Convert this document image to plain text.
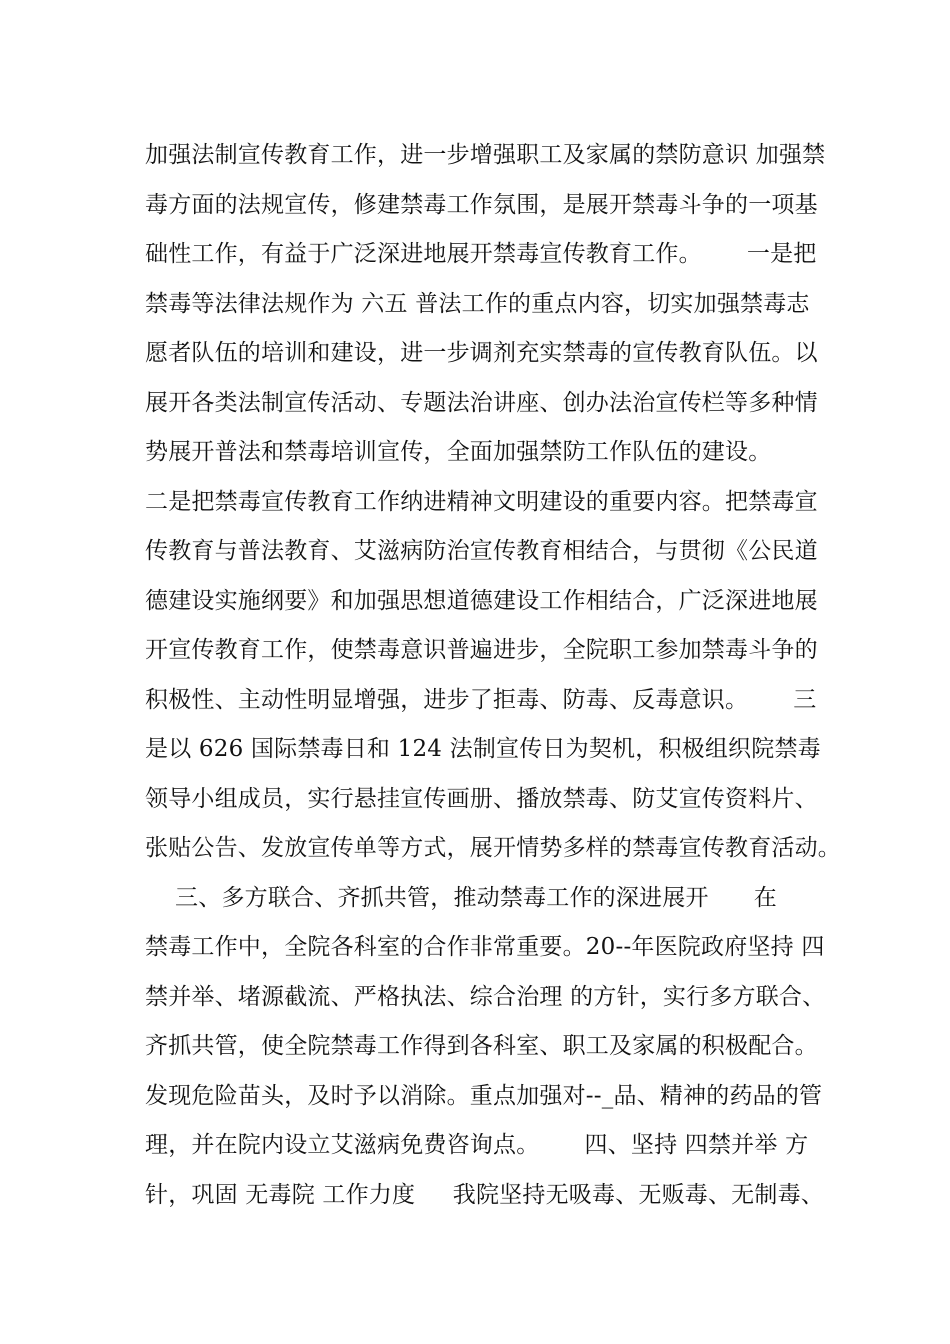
加强法制宣传教育工作，进一步增强职工及家属的禁防意识 加强禁
毒方面的法规宣传，修建禁毒工作氛围，是展开禁毒斗争的一项基
础性工作，有益于广泛深进地展开禁毒宣传教育工作。      一是把
禁毒等法律法规作为 六五 普法工作的重点内容，切实加强禁毒志
愿者队伍的培训和建设，进一步调剂充实禁毒的宣传教育队伍。以
展开各类法制宣传活动、专题法治讲座、创办法治宣传栏等多种情
势展开普法和禁毒培训宣传，全面加强禁防工作队伍的建设。
二是把禁毒宣传教育工作纳进精神文明建设的重要内容。把禁毒宣
传教育与普法教育、艾滋病防治宣传教育相结合，与贯彻《公民道
德建设实施纲要》和加强思想道德建设工作相结合，广泛深进地展
开宣传教育工作，使禁毒意识普遍进步，全院职工参加禁毒斗争的
积极性、主动性明显增强，进步了拒毒、防毒、反毒意识。      三
是以 626 国际禁毒日和 124 法制宣传日为契机，积极组织院禁毒
领导小组成员，实行悬挂宣传画册、播放禁毒、防艾宣传资料片、
张贴公告、发放宣传单等方式，展开情势多样的禁毒宣传教育活动。
三、多方联合、齐抓共管，推动禁毒工作的深进展开      在
禁毒工作中，全院各科室的合作非常重要。20--年医院政府坚持 四
禁并举、堵源截流、严格执法、综合治理 的方针，实行多方联合、
齐抓共管，使全院禁毒工作得到各科室、职工及家属的积极配合。
发现危险苗头，及时予以消除。重点加强对--_品、精神的药品的管
理，并在院内设立艾滋病免费咨询点。      四、坚持 四禁并举 方
针，巩固 无毒院 工作力度     我院坚持无吸毒、无贩毒、无制毒、
